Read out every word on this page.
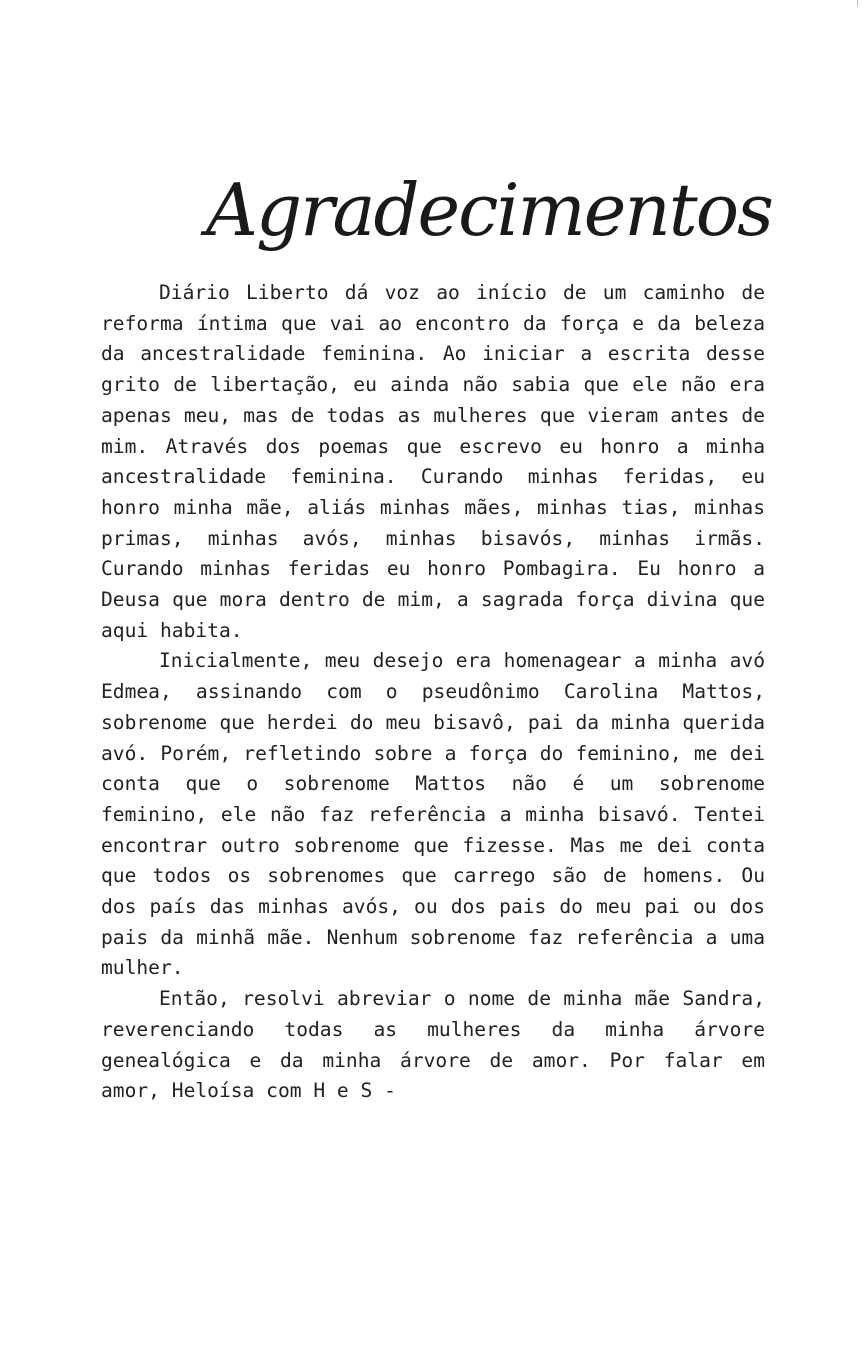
Agradecimentos

Diário Liberto dá voz ao início de um caminho de reforma íntima que vai ao encontro da força e da beleza da ancestralidade feminina. Ao iniciar a escrita desse grito de libertação, eu ainda não sabia que ele não era apenas meu, mas de todas as mulheres que vieram antes de mim. Através dos poemas que escrevo eu honro a minha ancestralidade feminina. Curando minhas feridas, eu honro minha mãe, aliás minhas mães, minhas tias, minhas primas, minhas avós, minhas bisavós, minhas irmãs. Curando minhas feridas eu honro Pombagira. Eu honro a Deusa que mora dentro de mim, a sagrada força divina que aqui habita.

Inicialmente, meu desejo era homenagear a minha avó Edmea, assinando com o pseudônimo Carolina Mattos, sobrenome que herdei do meu bisavô, pai da minha querida avó. Porém, refletindo sobre a força do feminino, me dei conta que o sobrenome Mattos não é um sobrenome feminino, ele não faz referência a minha bisavó. Tentei encontrar outro sobrenome que fizesse. Mas me dei conta que todos os sobrenomes que carrego são de homens. Ou dos país das minhas avós, ou dos pais do meu pai ou dos pais da minhã mãe. Nenhum sobrenome faz referência a uma mulher.

Então, resolvi abreviar o nome de minha mãe Sandra, reverenciando todas as mulheres da minha árvore genealógica e da minha árvore de amor. Por falar em amor, Heloísa com H e S -
